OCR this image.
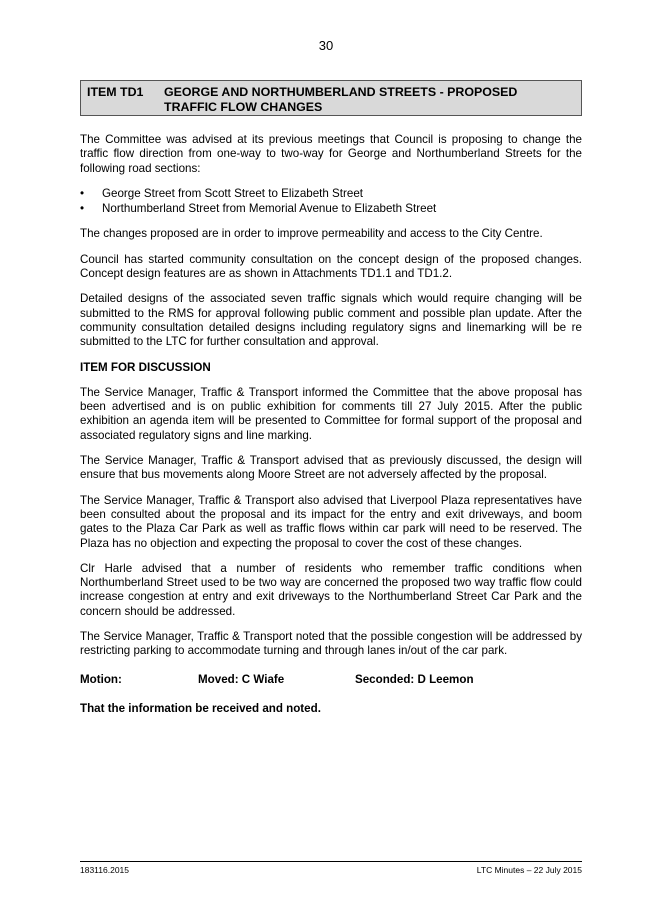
30
ITEM TD1 GEORGE AND NORTHUMBERLAND STREETS - PROPOSED TRAFFIC FLOW CHANGES

The Committee was advised at its previous meetings that Council is proposing to change the traffic flow direction from one-way to two-way for George and Northumberland Streets for the following road sections:

• George Street from Scott Street to Elizabeth Street
• Northumberland Street from Memorial Avenue to Elizabeth Street

The changes proposed are in order to improve permeability and access to the City Centre.

Council has started community consultation on the concept design of the proposed changes. Concept design features are as shown in Attachments TD1.1 and TD1.2.

Detailed designs of the associated seven traffic signals which would require changing will be submitted to the RMS for approval following public comment and possible plan update. After the community consultation detailed designs including regulatory signs and linemarking will be re submitted to the LTC for further consultation and approval.

ITEM FOR DISCUSSION

The Service Manager, Traffic & Transport informed the Committee that the above proposal has been advertised and is on public exhibition for comments till 27 July 2015. After the public exhibition an agenda item will be presented to Committee for formal support of the proposal and associated regulatory signs and line marking.

The Service Manager, Traffic & Transport advised that as previously discussed, the design will ensure that bus movements along Moore Street are not adversely affected by the proposal.

The Service Manager, Traffic & Transport also advised that Liverpool Plaza representatives have been consulted about the proposal and its impact for the entry and exit driveways, and boom gates to the Plaza Car Park as well as traffic flows within car park will need to be reserved. The Plaza has no objection and expecting the proposal to cover the cost of these changes.

Clr Harle advised that a number of residents who remember traffic conditions when Northumberland Street used to be two way are concerned the proposed two way traffic flow could increase congestion at entry and exit driveways to the Northumberland Street Car Park and the concern should be addressed.

The Service Manager, Traffic & Transport noted that the possible congestion will be addressed by restricting parking to accommodate turning and through lanes in/out of the car park.

Motion:	Moved: C Wiafe	Seconded: D Leemon
That the information be received and noted.
183116.2015	LTC Minutes – 22 July 2015
